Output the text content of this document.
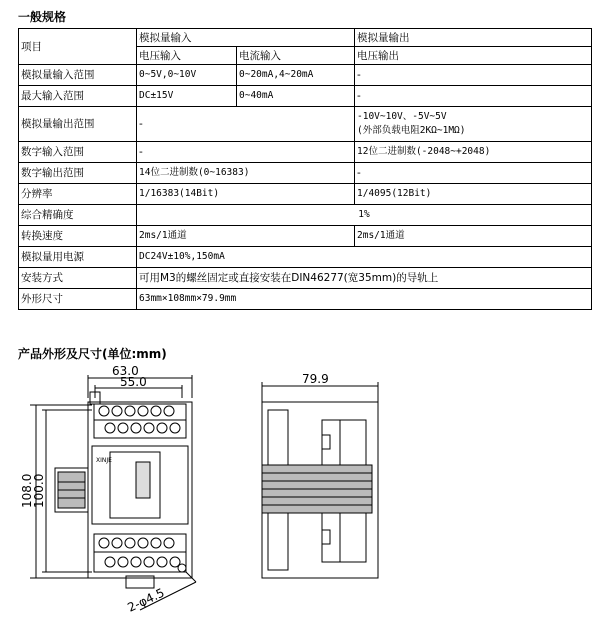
一般规格
项目	模拟量输入		模拟量输出
	电压输入	电流输入	电压输出
模拟量输入范围	0~5V,0~10V	0~20mA,4~20mA	-
最大输入范围	DC±15V	0~40mA	-
模拟量输出范围	-		-10V~10V、-5V~5V
(外部负载电阻2KΩ~1MΩ)

数字输入范围	-		12位二进制数(-2048~+2048)
数字输出范围	14位二进制数(0~16383)		-
分辨率	1/16383(14Bit)		1/4095(12Bit)
综合精确度	1%		
转换速度	2ms/1通道		2ms/1通道
模拟量用电源	DC24V±10%,150mA		
安装方式	可用M3的螺丝固定或直接安装在DIN46277(宽35mm)的导轨上		
外形尺寸	63mm×108mm×79.9mm		
产品外形及尺寸(单位:mm)
63.0
55.0	79.9
108.0
100.0
2-φ4.5
XINJE
